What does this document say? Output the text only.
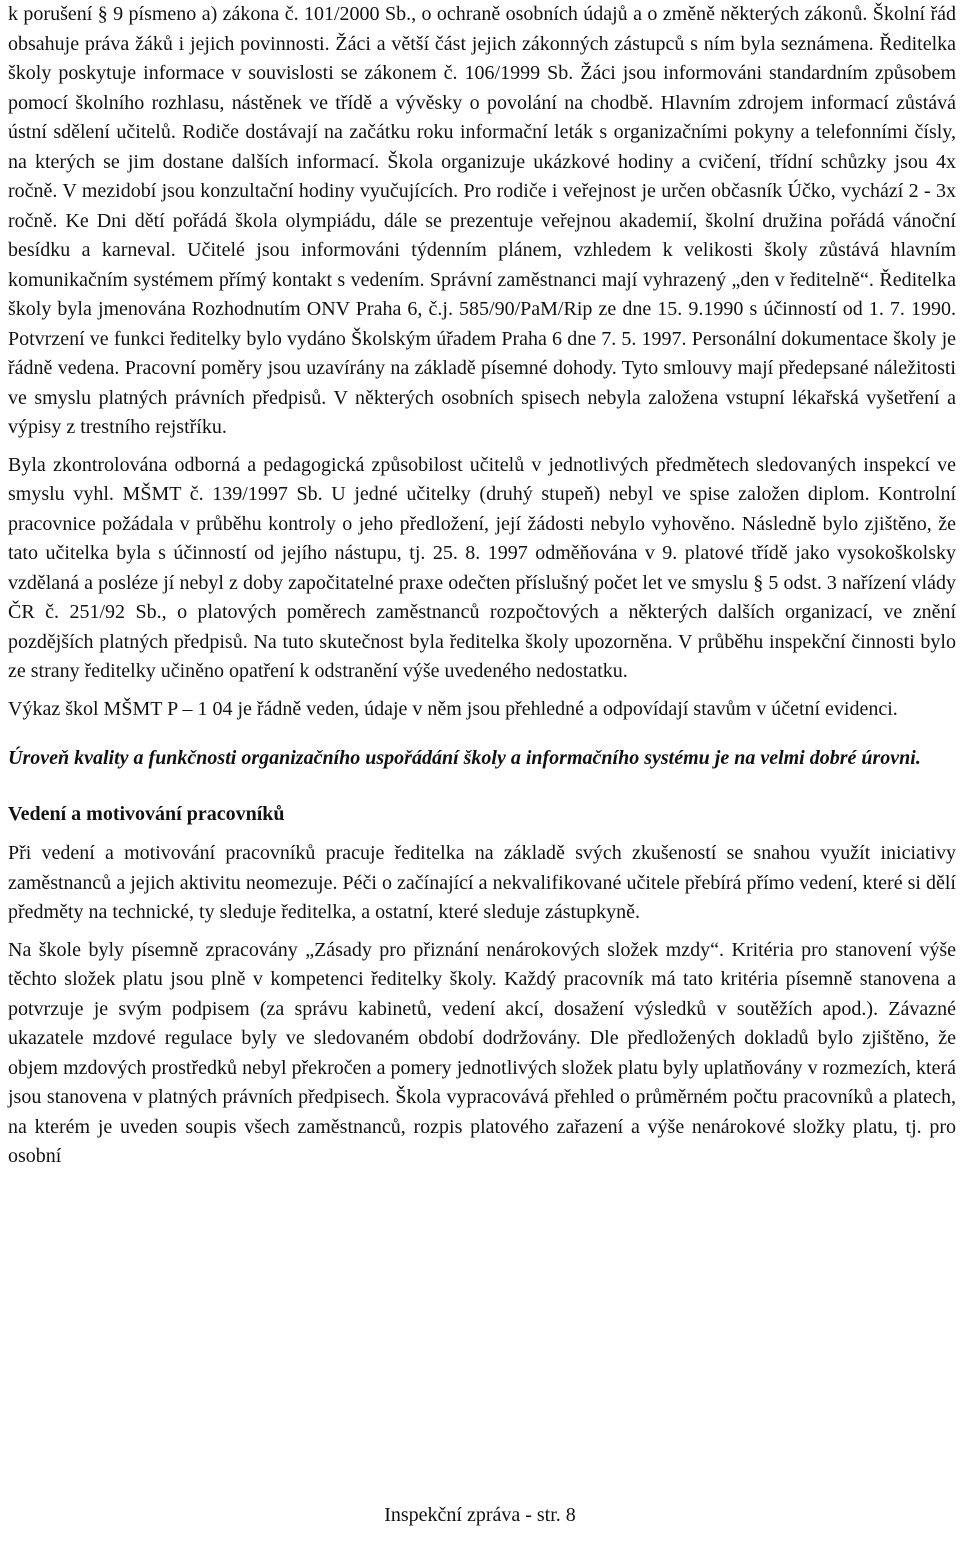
k porušení § 9 písmeno a) zákona č. 101/2000 Sb., o ochraně osobních údajů a o změně některých zákonů. Školní řád obsahuje práva žáků i jejich povinnosti. Žáci a větší část jejich zákonných zástupců s ním byla seznámena. Ředitelka školy poskytuje informace v souvislosti se zákonem č. 106/1999 Sb. Žáci jsou informováni standardním způsobem pomocí školního rozhlasu, nástěnek ve třídě a vývěsky o povolání na chodbě. Hlavním zdrojem informací zůstává ústní sdělení učitelů. Rodiče dostávají na začátku roku informační leták s organizačními pokyny a telefonními čísly, na kterých se jim dostane dalších informací. Škola organizuje ukázkové hodiny a cvičení, třídní schůzky jsou 4x ročně. V mezidobí jsou konzultační hodiny vyučujících. Pro rodiče i veřejnost je určen občasník Účko, vychází 2 - 3x ročně. Ke Dni dětí pořádá škola olympiádu, dále se prezentuje veřejnou akademií, školní družina pořádá vánoční besídku a karneval. Učitelé jsou informováni týdenním plánem, vzhledem k velikosti školy zůstává hlavním komunikačním systémem přímý kontakt s vedením. Správní zaměstnanci mají vyhrazený „den v ředitelně“. Ředitelka školy byla jmenována Rozhodnutím ONV Praha 6, č.j. 585/90/PaM/Rip ze dne 15. 9.1990 s účinností od 1. 7. 1990. Potvrzení ve funkci ředitelky bylo vydáno Školským úřadem Praha 6 dne 7. 5. 1997. Personální dokumentace školy je řádně vedena. Pracovní poměry jsou uzavírány na základě písemné dohody. Tyto smlouvy mají předepsané náležitosti ve smyslu platných právních předpisů. V některých osobních spisech nebyla založena vstupní lékařská vyšetření a výpisy z trestního rejstříku.

Byla zkontrolována odborná a pedagogická způsobilost učitelů v jednotlivých předmětech sledovaných inspekcí ve smyslu vyhl. MŠMT č. 139/1997 Sb. U jedné učitelky (druhý stupeň) nebyl ve spise založen diplom. Kontrolní pracovnice požádala v průběhu kontroly o jeho předložení, její žádosti nebylo vyhověno. Následně bylo zjištěno, že tato učitelka byla s účinností od jejího nástupu, tj. 25. 8. 1997 odměňována v 9. platové třídě jako vysokoškolsky vzdělaná a posléze jí nebyl z doby započitatelné praxe odečten příslušný počet let ve smyslu § 5 odst. 3 nařízení vlády ČR č. 251/92 Sb., o platových poměrech zaměstnanců rozpočtových a některých dalších organizací, ve znění pozdějších platných předpisů. Na tuto skutečnost byla ředitelka školy upozorněna. V průběhu inspekční činnosti bylo ze strany ředitelky učiněno opatření k odstranění výše uvedeného nedostatku.

Výkaz škol MŠMT P – 1 04 je řádně veden, údaje v něm jsou přehledné a odpovídají stavům v účetní evidenci.

Úroveň kvality a funkčnosti organizačního uspořádání školy a informačního systému je na velmi dobré úrovni.

Vedení a motivování pracovníků

Při vedení a motivování pracovníků pracuje ředitelka na základě svých zkušeností se snahou využít iniciativy zaměstnanců a jejich aktivitu neomezuje. Péči o začínající a nekvalifikované učitele přebírá přímo vedení, které si dělí předměty na technické, ty sleduje ředitelka, a ostatní, které sleduje zástupkyně.

Na škole byly písemně zpracovány „Zásady pro přiznání nenárokových složek mzdy“. Kritéria pro stanovení výše těchto složek platu jsou plně v kompetenci ředitelky školy. Každý pracovník má tato kritéria písemně stanovena a potvrzuje je svým podpisem (za správu kabinetů, vedení akcí, dosažení výsledků v soutěžích apod.). Závazné ukazatele mzdové regulace byly ve sledovaném období dodržovány. Dle předložených dokladů bylo zjištěno, že objem mzdových prostředků nebyl překročen a pomery jednotlivých složek platu byly uplatňovány v rozmezích, která jsou stanovena v platných právních předpisech. Škola vypracovává přehled o průměrném počtu pracovníků a platech, na kterém je uveden soupis všech zaměstnanců, rozpis platového zařazení a výše nenárokové složky platu, tj. pro osobní

Inspekční zpráva - str. 8
